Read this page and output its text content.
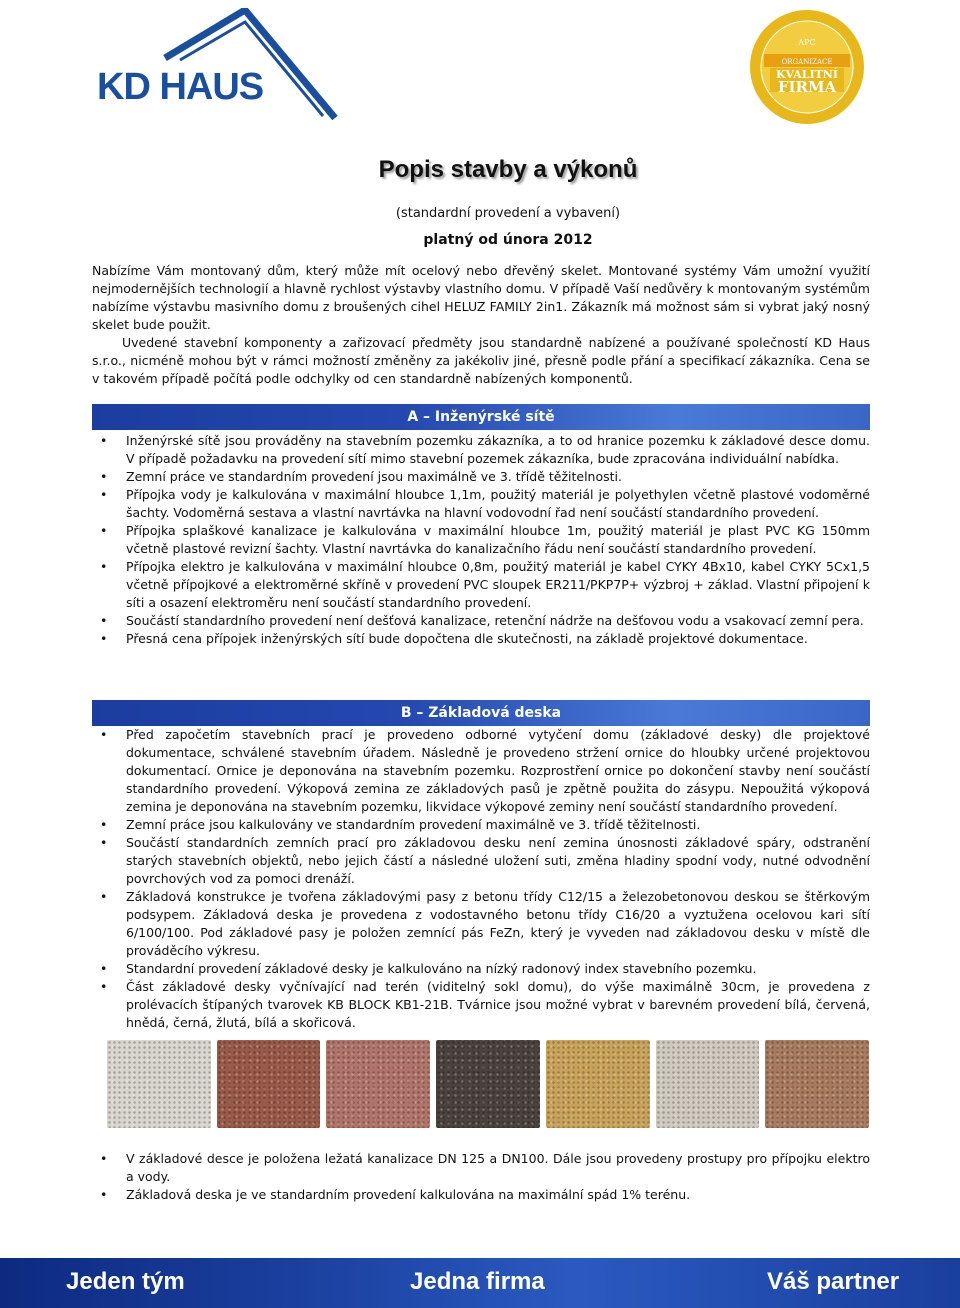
KD HAUS
APC
ORGANIZACE
KVALITNÍ
FIRMA
Popis stavby a výkonů
(standardní provedení a vybavení)
platný od února 2012

Nabízíme Vám montovaný dům, který může mít ocelový nebo dřevěný skelet. Montované systémy Vám umožní využití nejmodernějších technologií a hlavně rychlost výstavby vlastního domu. V případě Vaší nedůvěry k montovaným systémům nabízíme výstavbu masivního domu z broušených cihel HELUZ FAMILY 2in1. Zákazník má možnost sám si vybrat jaký nosný skelet bude použit.

Uvedené stavební komponenty a zařizovací předměty jsou standardně nabízené a používané společností KD Haus s.r.o., nicméně mohou být v rámci možností změněny za jakékoliv jiné, přesně podle přání a specifikací zákazníka. Cena se v takovém případě počítá podle odchylky od cen standardně nabízených komponentů.

A – Inženýrské sítě
• Inženýrské sítě jsou prováděny na stavebním pozemku zákazníka, a to od hranice pozemku k základové desce domu. V případě požadavku na provedení sítí mimo stavební pozemek zákazníka, bude zpracována individuální nabídka.
• Zemní práce ve standardním provedení jsou maximálně ve 3. třídě těžitelnosti.
• Přípojka vody je kalkulována v maximální hloubce 1,1m, použitý materiál je polyethylen včetně plastové vodoměrné šachty. Vodoměrná sestava a vlastní navrtávka na hlavní vodovodní řad není součástí standardního provedení.
• Přípojka splaškové kanalizace je kalkulována v maximální hloubce 1m, použitý materiál je plast PVC KG 150mm včetně plastové revizní šachty. Vlastní navrtávka do kanalizačního řádu není součástí standardního provedení.
• Přípojka elektro je kalkulována v maximální hloubce 0,8m, použitý materiál je kabel CYKY 4Bx10, kabel CYKY 5Cx1,5 včetně přípojkové a elektroměrné skříně v provedení PVC sloupek ER211/PKP7P+ výzbroj + základ. Vlastní připojení k síti a osazení elektroměru není součástí standardního provedení.
• Součástí standardního provedení není dešťová kanalizace, retenční nádrže na dešťovou vodu a vsakovací zemní pera.
• Přesná cena přípojek inženýrských sítí bude dopočtena dle skutečnosti, na základě projektové dokumentace.
B – Základová deska
• Před započetím stavebních prací je provedeno odborné vytyčení domu (základové desky) dle projektové dokumentace, schválené stavebním úřadem. Následně je provedeno stržení ornice do hloubky určené projektovou dokumentací. Ornice je deponována na stavebním pozemku. Rozprostření ornice po dokončení stavby není součástí standardního provedení. Výkopová zemina ze základových pasů je zpětně použita do zásypu. Nepoužitá výkopová zemina je deponována na stavebním pozemku, likvidace výkopové zeminy není součástí standardního provedení.
• Zemní práce jsou kalkulovány ve standardním provedení maximálně ve 3. třídě těžitelnosti.
• Součástí standardních zemních prací pro základovou desku není zemina únosnosti základové spáry, odstranění starých stavebních objektů, nebo jejich částí a následné uložení suti, změna hladiny spodní vody, nutné odvodnění povrchových vod za pomoci drenáží.
• Základová konstrukce je tvořena základovými pasy z betonu třídy C12/15 a železobetonovou deskou se štěrkovým podsypem. Základová deska je provedena z vodostavného betonu třídy C16/20 a vyztužena ocelovou kari sítí 6/100/100. Pod základové pasy je položen zemnící pás FeZn, který je vyveden nad základovou desku v místě dle prováděcího výkresu.
• Standardní provedení základové desky je kalkulováno na nízký radonový index stavebního pozemku.
• Část základové desky vyčnívající nad terén (viditelný sokl domu), do výše maximálně 30cm, je provedena z prolévacích štípaných tvarovek KB BLOCK KB1-21B. Tvárnice jsou možné vybrat v barevném provedení bílá, červená, hnědá, černá, žlutá, bílá a skořicová.
• V základové desce je položena ležatá kanalizace DN 125 a DN100. Dále jsou provedeny prostupy pro přípojku elektro a vody.
• Základová deska je ve standardním provedení kalkulována na maximální spád 1% terénu.
Jeden tým	Jedna firma	Váš partner
